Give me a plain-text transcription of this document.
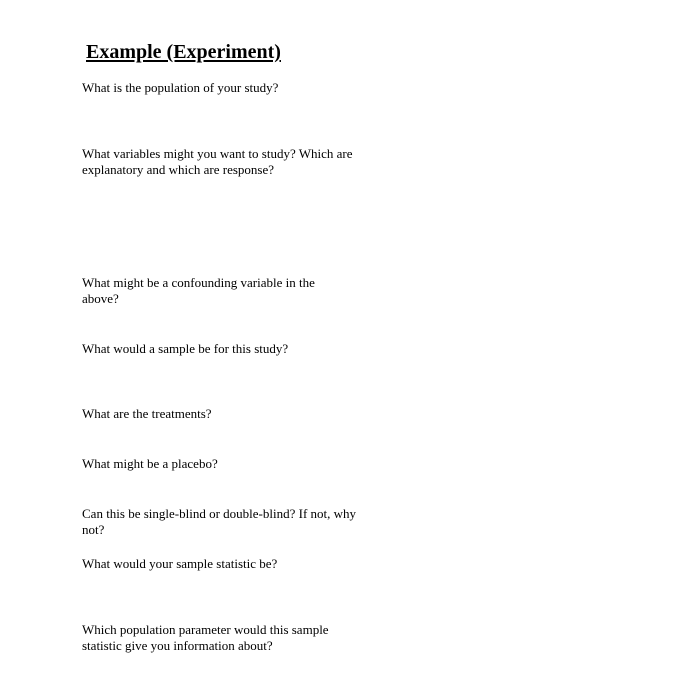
Example (Experiment)

What is the population of your study?

What variables might you want to study? Which are explanatory and which are response?

What might be a confounding variable in the above?

What would a sample be for this study?

What are the treatments?

What might be a placebo?

Can this be single-blind or double-blind? If not, why not?

What would your sample statistic be?

Which population parameter would this sample statistic give you information about?
